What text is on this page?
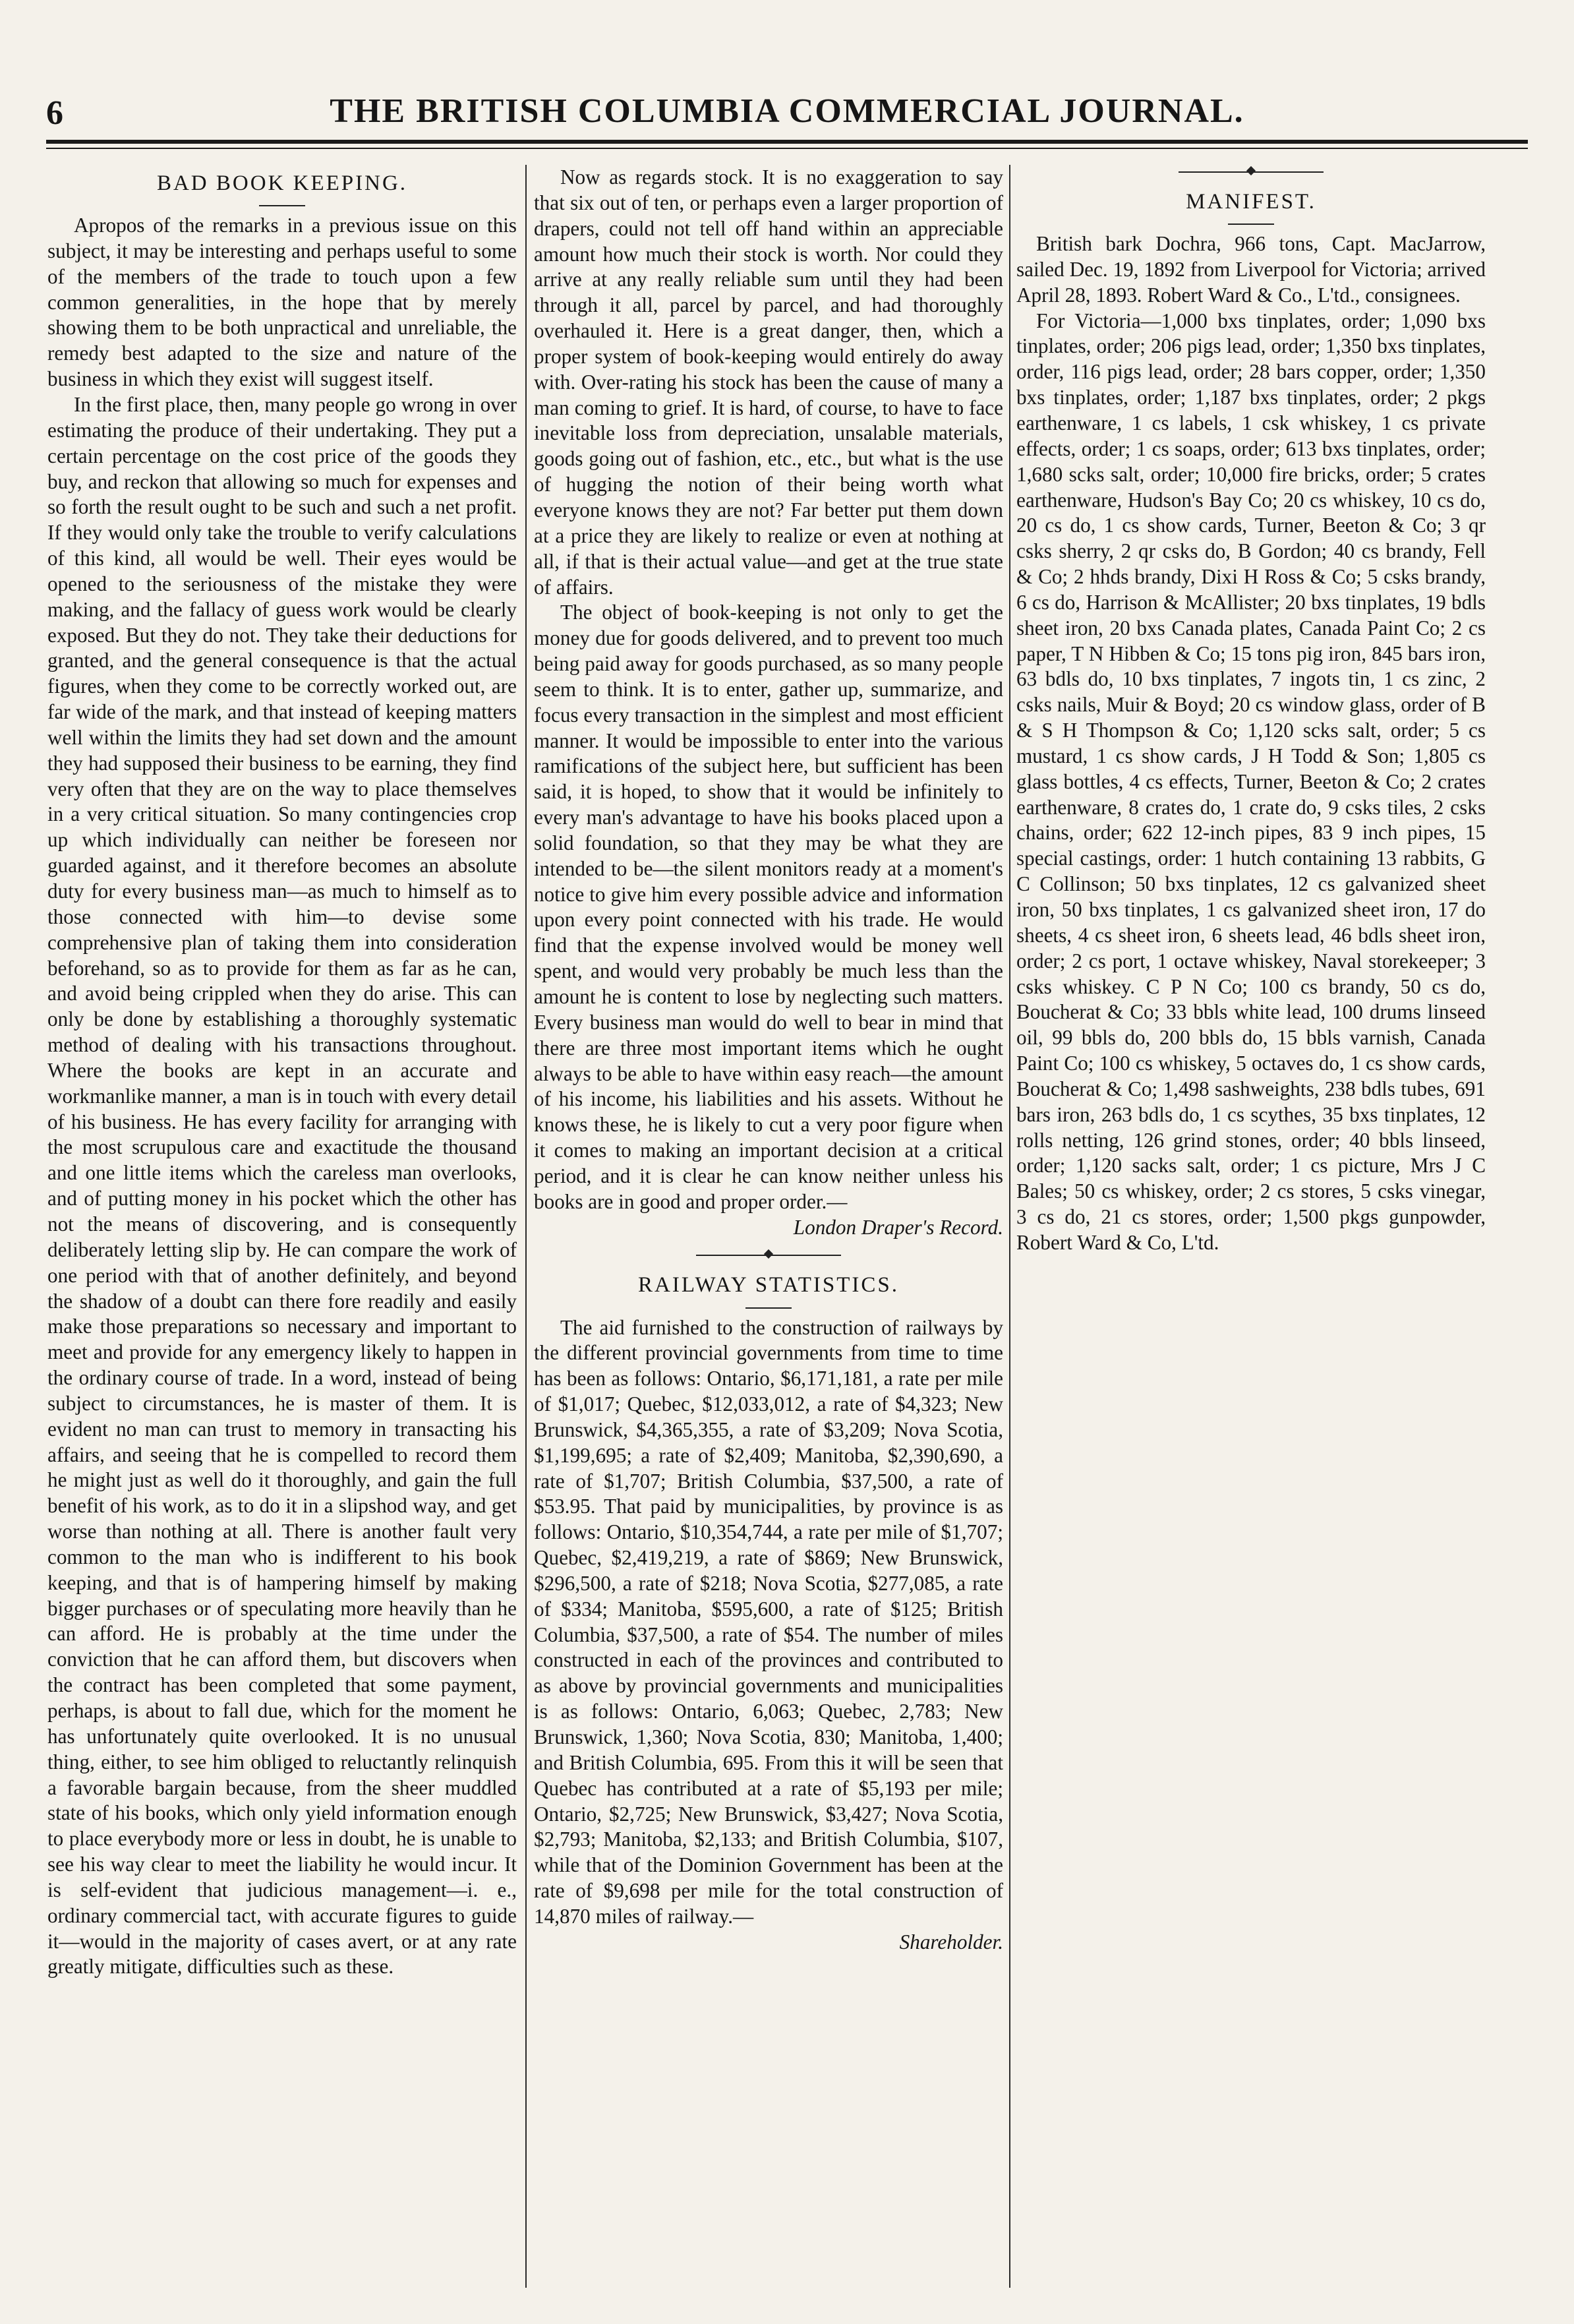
6	THE BRITISH COLUMBIA COMMERCIAL JOURNAL.
BAD BOOK KEEPING.

Apropos of the remarks in a previous issue on this subject, it may be interesting and perhaps useful to some of the members of the trade to touch upon a few common generalities, in the hope that by merely showing them to be both unpractical and unreliable, the remedy best adapted to the size and nature of the business in which they exist will suggest itself.

In the first place, then, many people go wrong in over estimating the produce of their undertaking. They put a certain percentage on the cost price of the goods they buy, and reckon that allowing so much for expenses and so forth the result ought to be such and such a net profit. If they would only take the trouble to verify calculations of this kind, all would be well. Their eyes would be opened to the seriousness of the mistake they were making, and the fallacy of guess work would be clearly exposed. But they do not. They take their deductions for granted, and the general consequence is that the actual figures, when they come to be correctly worked out, are far wide of the mark, and that instead of keeping matters well within the limits they had set down and the amount they had supposed their business to be earning, they find very often that they are on the way to place themselves in a very critical situation. So many contingencies crop up which individually can neither be foreseen nor guarded against, and it therefore becomes an absolute duty for every business man—as much to himself as to those connected with him—to devise some comprehensive plan of taking them into consideration beforehand, so as to provide for them as far as he can, and avoid being crippled when they do arise. This can only be done by establishing a thoroughly systematic method of dealing with his transactions throughout. Where the books are kept in an accurate and workmanlike manner, a man is in touch with every detail of his business. He has every facility for arranging with the most scrupulous care and exactitude the thousand and one little items which the careless man overlooks, and of putting money in his pocket which the other has not the means of discovering, and is consequently deliberately letting slip by. He can compare the work of one period with that of another definitely, and beyond the shadow of a doubt can there fore readily and easily make those preparations so necessary and important to meet and provide for any emergency likely to happen in the ordinary course of trade. In a word, instead of being subject to circumstances, he is master of them. It is evident no man can trust to memory in transacting his affairs, and seeing that he is compelled to record them he might just as well do it thoroughly, and gain the full benefit of his work, as to do it in a slipshod way, and get worse than nothing at all. There is another fault very common to the man who is indifferent to his book keeping, and that is of hampering himself by making bigger purchases or of speculating more heavily than he can afford. He is probably at the time under the conviction that he can afford them, but discovers when the contract has been completed that some payment, perhaps, is about to fall due, which for the moment he has unfortunately quite overlooked. It is no unusual thing, either, to see him obliged to reluctantly relinquish a favorable bargain because, from the sheer muddled state of his books, which only yield information enough to place everybody more or less in doubt, he is unable to see his way clear to meet the liability he would incur. It is self-evident that judicious management—i. e., ordinary commercial tact, with accurate figures to guide it—would in the majority of cases avert, or at any rate greatly mitigate, difficulties such as these.

Now as regards stock. It is no exaggeration to say that six out of ten, or perhaps even a larger proportion of drapers, could not tell off hand within an appreciable amount how much their stock is worth. Nor could they arrive at any really reliable sum until they had been through it all, parcel by parcel, and had thoroughly overhauled it. Here is a great danger, then, which a proper system of book-keeping would entirely do away with. Over-rating his stock has been the cause of many a man coming to grief. It is hard, of course, to have to face inevitable loss from depreciation, unsalable materials, goods going out of fashion, etc., etc., but what is the use of hugging the notion of their being worth what everyone knows they are not? Far better put them down at a price they are likely to realize or even at nothing at all, if that is their actual value—and get at the true state of affairs.

The object of book-keeping is not only to get the money due for goods delivered, and to prevent too much being paid away for goods purchased, as so many people seem to think. It is to enter, gather up, summarize, and focus every transaction in the simplest and most efficient manner. It would be impossible to enter into the various ramifications of the subject here, but sufficient has been said, it is hoped, to show that it would be infinitely to every man's advantage to have his books placed upon a solid foundation, so that they may be what they are intended to be—the silent monitors ready at a moment's notice to give him every possible advice and information upon every point connected with his trade. He would find that the expense involved would be money well spent, and would very probably be much less than the amount he is content to lose by neglecting such matters. Every business man would do well to bear in mind that there are three most important items which he ought always to be able to have within easy reach—the amount of his income, his liabilities and his assets. Without he knows these, he is likely to cut a very poor figure when it comes to making an important decision at a critical period, and it is clear he can know neither unless his books are in good and proper order.—

London Draper's Record.

RAILWAY STATISTICS.

The aid furnished to the construction of railways by the different provincial governments from time to time has been as follows: Ontario, $6,171,181, a rate per mile of $1,017; Quebec, $12,033,012, a rate of $4,323; New Brunswick, $4,365,355, a rate of $3,209; Nova Scotia, $1,199,695; a rate of $2,409; Manitoba, $2,390,690, a rate of $1,707; British Columbia, $37,500, a rate of $53.95. That paid by municipalities, by province is as follows: Ontario, $10,354,744, a rate per mile of $1,707; Quebec, $2,419,219, a rate of $869; New Brunswick, $296,500, a rate of $218; Nova Scotia, $277,085, a rate of $334; Manitoba, $595,600, a rate of $125; British Columbia, $37,500, a rate of $54. The number of miles constructed in each of the provinces and contributed to as above by provincial governments and municipalities is as follows: Ontario, 6,063; Quebec, 2,783; New Brunswick, 1,360; Nova Scotia, 830; Manitoba, 1,400; and British Columbia, 695. From this it will be seen that Quebec has contributed at a rate of $5,193 per mile; Ontario, $2,725; New Brunswick, $3,427; Nova Scotia, $2,793; Manitoba, $2,133; and British Columbia, $107, while that of the Dominion Government has been at the rate of $9,698 per mile for the total construction of 14,870 miles of railway.—

Shareholder.

MANIFEST.

British bark Dochra, 966 tons, Capt. MacJarrow, sailed Dec. 19, 1892 from Liverpool for Victoria; arrived April 28, 1893. Robert Ward & Co., L'td., consignees.

For Victoria—1,000 bxs tinplates, order; 1,090 bxs tinplates, order; 206 pigs lead, order; 1,350 bxs tinplates, order, 116 pigs lead, order; 28 bars copper, order; 1,350 bxs tinplates, order; 1,187 bxs tinplates, order; 2 pkgs earthenware, 1 cs labels, 1 csk whiskey, 1 cs private effects, order; 1 cs soaps, order; 613 bxs tinplates, order; 1,680 scks salt, order; 10,000 fire bricks, order; 5 crates earthenware, Hudson's Bay Co; 20 cs whiskey, 10 cs do, 20 cs do, 1 cs show cards, Turner, Beeton & Co; 3 qr csks sherry, 2 qr csks do, B Gordon; 40 cs brandy, Fell & Co; 2 hhds brandy, Dixi H Ross & Co; 5 csks brandy, 6 cs do, Harrison & McAllister; 20 bxs tinplates, 19 bdls sheet iron, 20 bxs Canada plates, Canada Paint Co; 2 cs paper, T N Hibben & Co; 15 tons pig iron, 845 bars iron, 63 bdls do, 10 bxs tinplates, 7 ingots tin, 1 cs zinc, 2 csks nails, Muir & Boyd; 20 cs window glass, order of B & S H Thompson & Co; 1,120 scks salt, order; 5 cs mustard, 1 cs show cards, J H Todd & Son; 1,805 cs glass bottles, 4 cs effects, Turner, Beeton & Co; 2 crates earthenware, 8 crates do, 1 crate do, 9 csks tiles, 2 csks chains, order; 622 12-inch pipes, 83 9 inch pipes, 15 special castings, order: 1 hutch containing 13 rabbits, G C Collinson; 50 bxs tinplates, 12 cs galvanized sheet iron, 50 bxs tinplates, 1 cs galvanized sheet iron, 17 do sheets, 4 cs sheet iron, 6 sheets lead, 46 bdls sheet iron, order; 2 cs port, 1 octave whiskey, Naval storekeeper; 3 csks whiskey. C P N Co; 100 cs brandy, 50 cs do, Boucherat & Co; 33 bbls white lead, 100 drums linseed oil, 99 bbls do, 200 bbls do, 15 bbls varnish, Canada Paint Co; 100 cs whiskey, 5 octaves do, 1 cs show cards, Boucherat & Co; 1,498 sashweights, 238 bdls tubes, 691 bars iron, 263 bdls do, 1 cs scythes, 35 bxs tinplates, 12 rolls netting, 126 grind stones, order; 40 bbls linseed, order; 1,120 sacks salt, order; 1 cs picture, Mrs J C Bales; 50 cs whiskey, order; 2 cs stores, 5 csks vinegar, 3 cs do, 21 cs stores, order; 1,500 pkgs gunpowder, Robert Ward & Co, L'td.
